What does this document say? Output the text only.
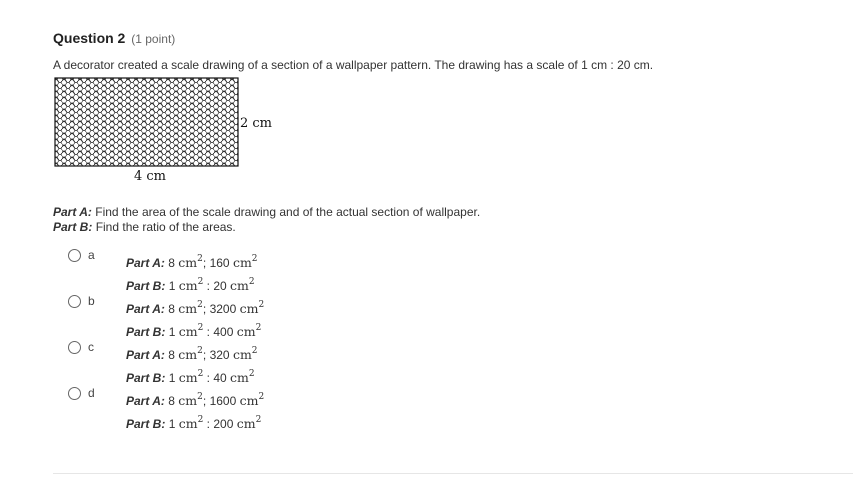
Question 2 (1 point)
A decorator created a scale drawing of a section of a wallpaper pattern. The drawing has a scale of 1 cm : 20 cm.
2 cm
4 cm
Part A: Find the area of the scale drawing and of the actual section of wallpaper.
Part B: Find the ratio of the areas.
a
Part A: 8 $cm^2$; 160 $cm^2$
Part B: 1 $cm^2$ : 20 $cm^2$
b
Part A: 8 $cm^2$; 3200 $cm^2$
Part B: 1 $cm^2$ : 400 $cm^2$
c
Part A: 8 $cm^2$; 320 $cm^2$
Part B: 1 $cm^2$ : 40 $cm^2$
d
Part A: 8 $cm^2$; 1600 $cm^2$
Part B: 1 $cm^2$ : 200 $cm^2$
